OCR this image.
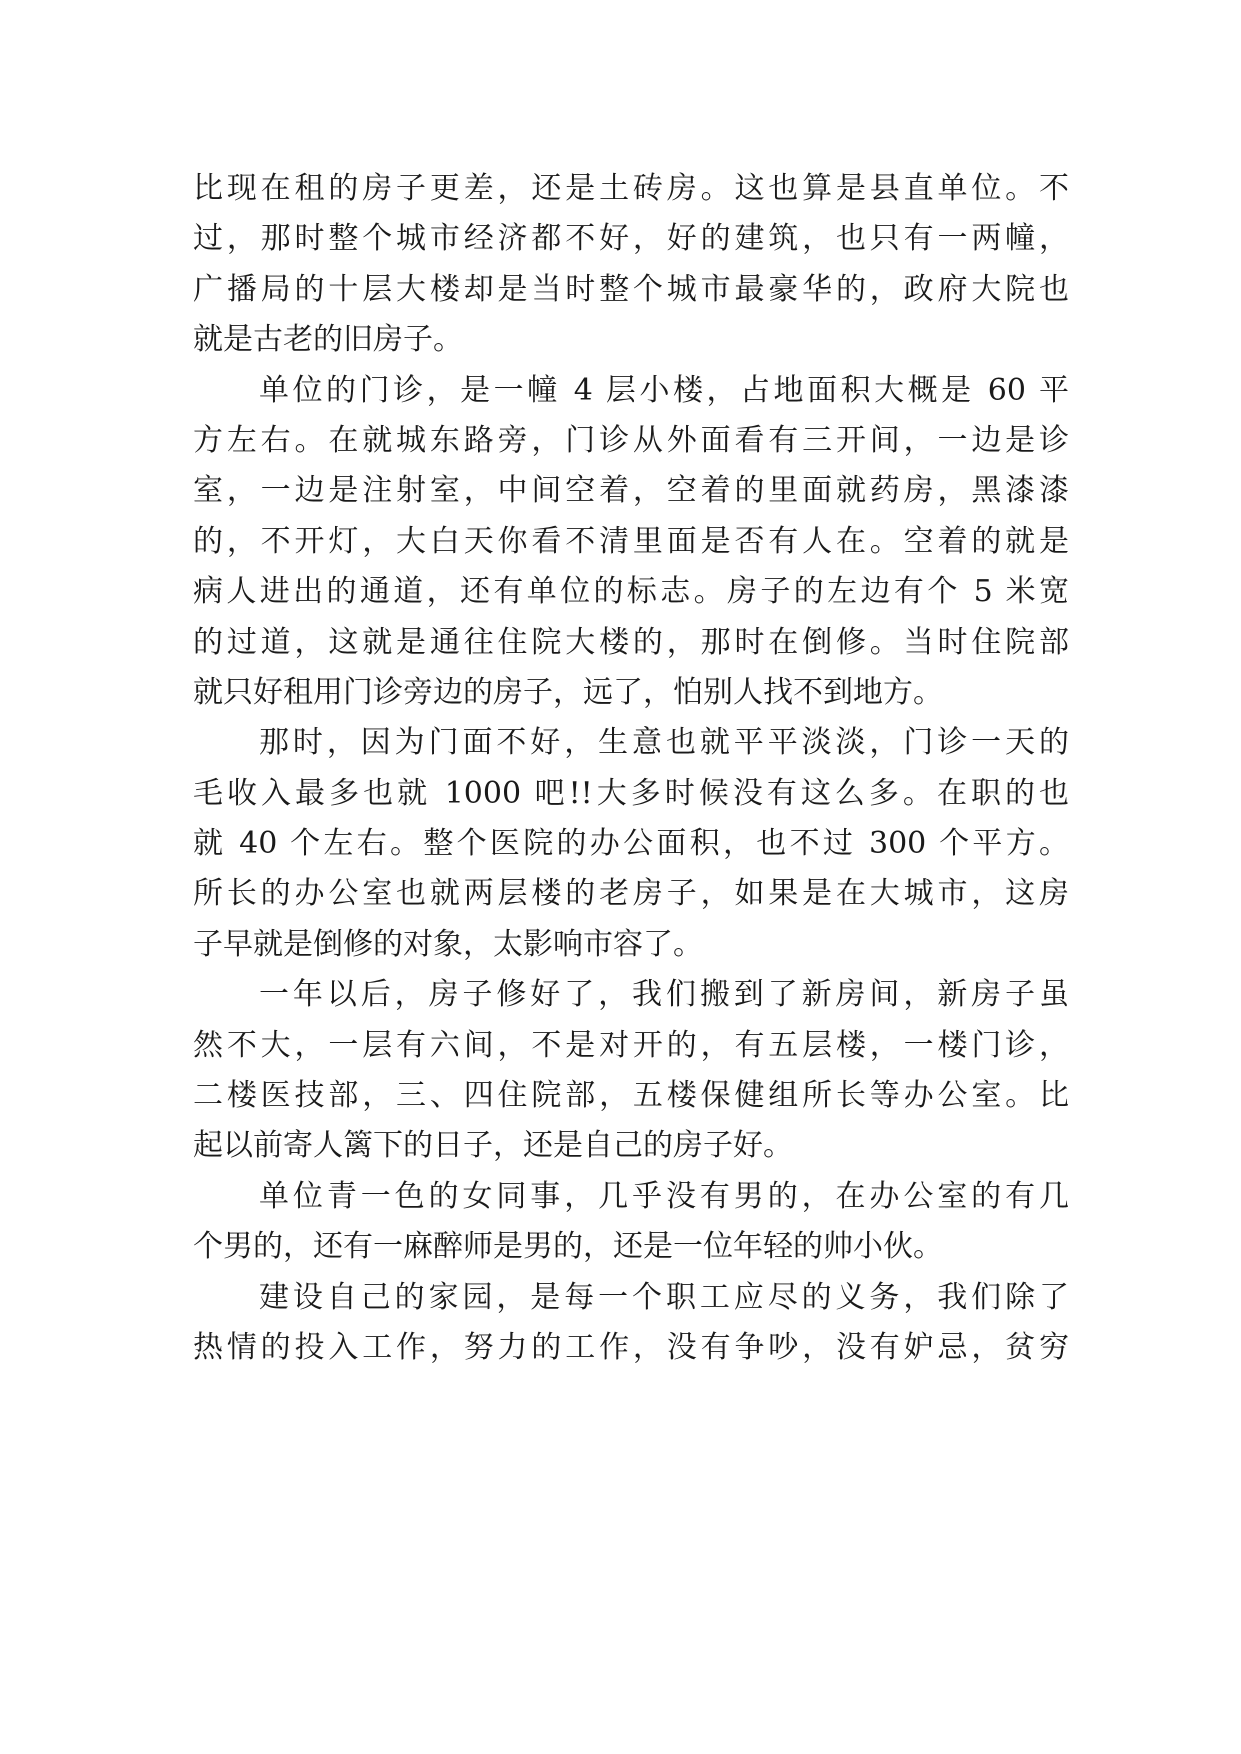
比现在租的房子更差，还是土砖房。这也算是县直单位。不
过，那时整个城市经济都不好，好的建筑，也只有一两幢，
广播局的十层大楼却是当时整个城市最豪华的，政府大院也
就是古老的旧房子。
单位的门诊，是一幢 4 层小楼，占地面积大概是 60 平
方左右。在就城东路旁，门诊从外面看有三开间，一边是诊
室，一边是注射室，中间空着，空着的里面就药房，黑漆漆
的，不开灯，大白天你看不清里面是否有人在。空着的就是
病人进出的通道，还有单位的标志。房子的左边有个 5 米宽
的过道，这就是通往住院大楼的，那时在倒修。当时住院部
就只好租用门诊旁边的房子，远了，怕别人找不到地方。
那时，因为门面不好，生意也就平平淡淡，门诊一天的
毛收入最多也就 1000 吧!!大多时候没有这么多。在职的也
就 40 个左右。整个医院的办公面积，也不过 300 个平方。
所长的办公室也就两层楼的老房子，如果是在大城市，这房
子早就是倒修的对象，太影响市容了。
一年以后，房子修好了，我们搬到了新房间，新房子虽
然不大，一层有六间，不是对开的，有五层楼，一楼门诊，
二楼医技部，三、四住院部，五楼保健组所长等办公室。比
起以前寄人篱下的日子，还是自己的房子好。
单位青一色的女同事，几乎没有男的，在办公室的有几
个男的，还有一麻醉师是男的，还是一位年轻的帅小伙。
建设自己的家园，是每一个职工应尽的义务，我们除了
热情的投入工作，努力的工作，没有争吵，没有妒忌，贫穷
